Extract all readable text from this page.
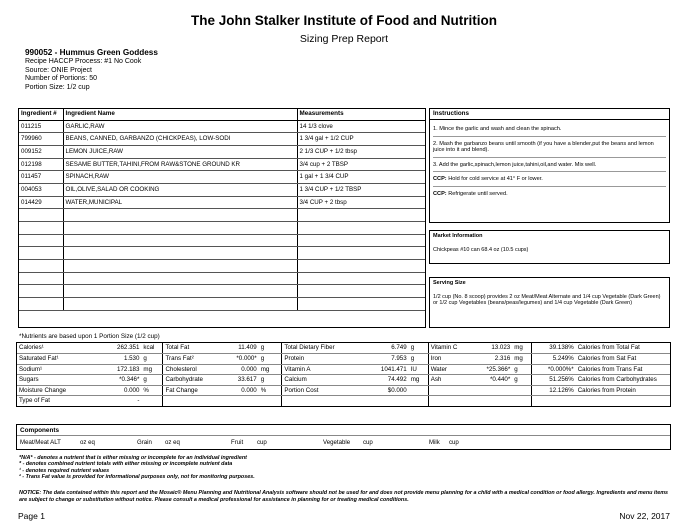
The John Stalker Institute of Food and Nutrition
Sizing Prep Report
990052 - Hummus Green Goddess
Recipe HACCP Process: #1 No Cook
Source: ONIE Project
Number of Portions: 50
Portion Size: 1/2 cup
Ingredient #	Ingredient Name	Measurements
011215	GARLIC,RAW	14 1/3 clove
799960	BEANS, CANNED, GARBANZO (CHICKPEAS), LOW-SODI	1 3/4 gal + 1/2 CUP
009152	LEMON JUICE,RAW	2 1/3 CUP + 1/2 tbsp
012198	SESAME BUTTER,TAHINI,FROM RAW&STONE GROUND KR	3/4 cup + 2 TBSP
011457	SPINACH,RAW	1 gal + 1 3/4 CUP
004053	OIL,OLIVE,SALAD OR COOKING	1 3/4 CUP + 1/2 TBSP
014429	WATER,MUNICIPAL	3/4 CUP + 2 tbsp

Instructions

1. Mince the garlic and wash and clean the spinach.

2. Mash the garbanzo beans until smooth (if you have a blender,put the beans and lemon juice into it and blend).

3. Add the garlic,spinach,lemon juice,tahini,oil,and water. Mix well.

CCP: Hold for cold service at 41° F or lower.

CCP: Refrigerate until served.

Market Information
Chickpeas #10 can 68.4 oz (10.5 cups)
Serving Size
1/2 cup (No. 8 scoop) provides 2 oz Meat/Meat Alternate and 1/4 cup Vegetable (Dark Green) or 1/2 cup Vegetables (beans/peas/legumes) and 1/4 cup Vegetable (Dark Green)
*Nutrients are based upon 1 Portion Size (1/2 cup)
Calories¹	262.351	kcal	Total Fat	11.409	g	Total Dietary Fiber	6.749	g	Vitamin C	13.023	mg	39.138%	Calories from Total Fat
Saturated Fat¹	1.530	g	Trans Fat²	*0.000*	g	Protein	7.953	g	Iron	2.316	mg	5.249%	Calories from Sat Fat
Sodium¹	172.183	mg	Cholesterol	0.000	mg	Vitamin A	1041.471	IU	Water	*25.366*	g	*0.000%*	Calories from Trans Fat
Sugars	*0.346*	g	Carbohydrate	33.617	g	Calcium	74.492	mg	Ash	*0.440*	g	51.256%	Calories from Carbohydrates
Moisture Change	0.000	%	Fat Change	0.000	%	Portion Cost	$0.000					12.126%	Calories from Protein
Type of Fat	-												
Components
Meat/Meat ALT	oz eq	Grain oz eq	Fruit cup	Vegetable cup	Milk cup
*N/A* - denotes a nutrient that is either missing or incomplete for an individual ingredient
* - denotes combined nutrient totals with either missing or incomplete nutrient data
¹ - denotes required nutrient values
² - Trans Fat value is provided for informational purposes only, not for monitoring purposes.
NOTICE: The data contained within this report and the Mosaic® Menu Planning and Nutritional Analysis software should not be used for and does not provide menu planning for a child with a medical condition or food allergy. Ingredients and menu items are subject to change or substitution without notice. Please consult a medical professional for assistance in planning for or treating medical conditions.
Page 1	Nov 22, 2017
